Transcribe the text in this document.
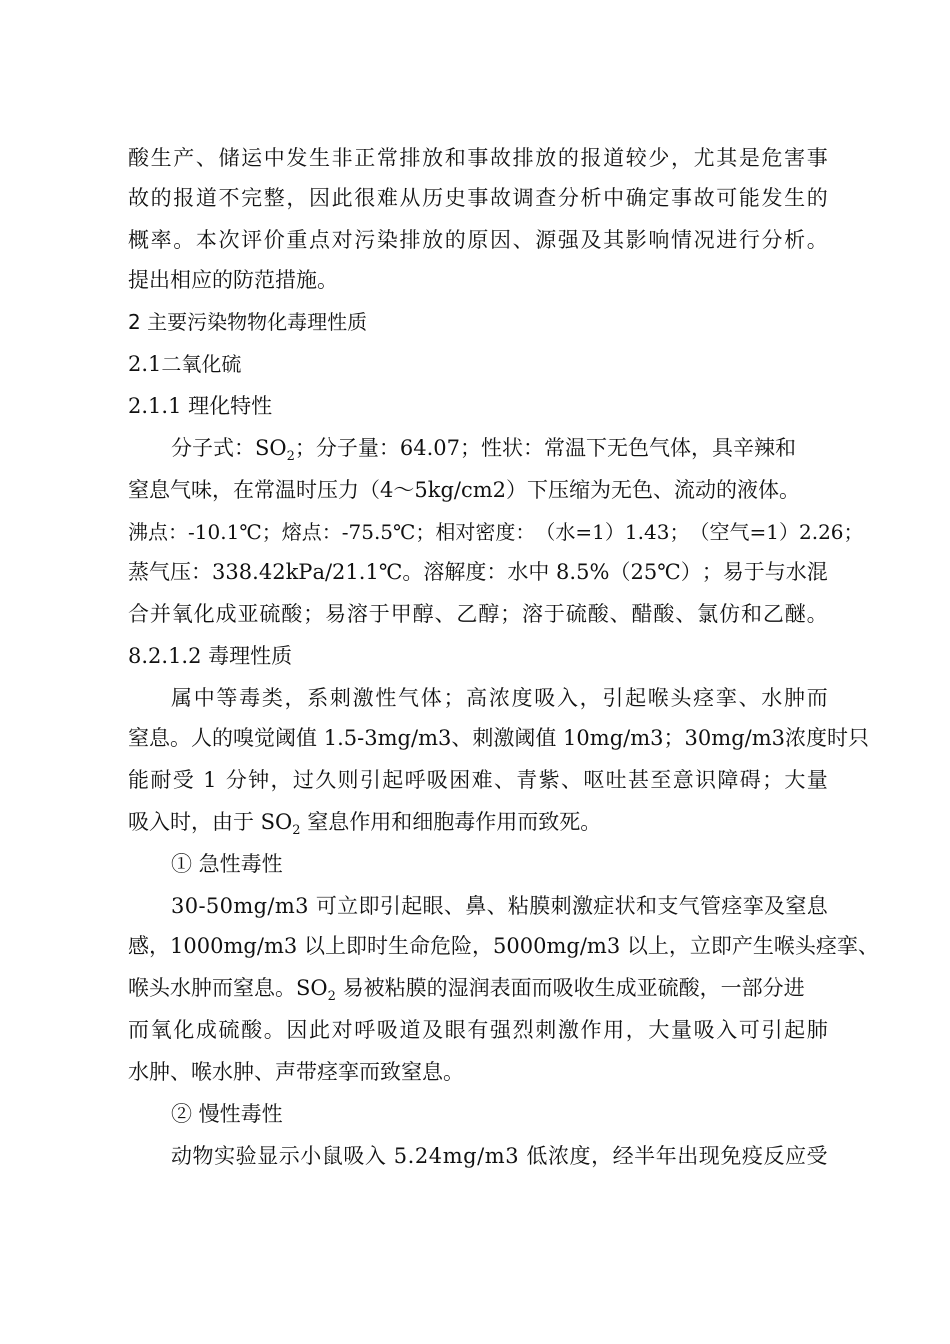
酸 生 产 、 储 运 中 发 生 非 正 常 排 放 和 事 故 排 放 的 报 道 较 少 ， 尤 其 是 危 害 事
故 的 报 道 不 完 整 ， 因 此 很 难 从 历 史 事 故 调 查 分 析 中 确 定 事 故 可 能 发 生 的
概 率 。 本 次 评 价 重 点 对 污 染 排 放 的 原 因 、 源 强 及 其 影 响 情 况 进 行 分 析 。
提出相应的防范措施。
2 主要污染物物化毒理性质
2.1二氧化硫
2.1.1 理化特性
分子式：$SO_2$；分子量：64.07；性状：常温下无色气体，具辛辣和
窒息气味，在常温时压力（4～5kg/cm2）下压缩为无色、流动的液体。
沸 点 ： - 1 0 . 1 ℃ ； 熔 点 ： - 7 5 . 5 ℃ ； 相 对 密 度 ： （ 水 = 1 ） 1 . 4 3 ； （ 空 气 = 1 ） 2 . 2 6 ；
蒸 气 压 ： 3 3 8 . 4 2 k P a / 2 1 . 1 ℃ 。 溶 解 度 ： 水 中
8 . 5 % （ 2 5 ℃ ） ； 易 于 与 水 混
合 并 氧 化 成 亚 硫 酸 ； 易 溶 于 甲 醇 、 乙 醇 ； 溶 于 硫 酸 、 醋 酸 、 氯 仿 和 乙 醚 。
8.2.1.2 毒理性质
属 中 等 毒 类 ， 系 刺 激 性 气 体 ； 高 浓 度 吸 入 ， 引 起 喉 头 痉 挛 、 水 肿 而
窒 息 。 人 的 嗅 觉 阈 值
1 . 5 - 3 m g / m 3 、 刺 激 阈 值
1 0 m g / m 3 ； 3 0 m g / m 3 浓 度 时 只
能 耐 受
1
分 钟 ， 过 久 则 引 起 呼 吸 困 难 、 青 紫 、 呕 吐 甚 至 意 识 障 碍 ； 大 量
吸入时，由于 $SO_2$ 窒息作用和细胞毒作用而致死。
① 急性毒性
3 0 - 5 0 m g / m 3
可 立 即 引 起 眼 、 鼻 、 粘 膜 刺 激 症 状 和 支 气 管 痉 挛 及 窒 息
感 ， 1 0 0 0 m g / m 3
以 上 即 时 生 命 危 险 ， 5 0 0 0 m g / m 3
以 上 ， 立 即 产 生 喉 头 痉 挛 、
喉头水肿而窒息。$SO_2$ 易被粘膜的湿润表面而吸收生成亚硫酸，一部分进
而 氧 化 成 硫 酸 。 因 此 对 呼 吸 道 及 眼 有 强 烈 刺 激 作 用 ， 大 量 吸 入 可 引 起 肺
水肿、喉水肿、声带痉挛而致窒息。
② 慢性毒性
动 物 实 验 显 示 小 鼠 吸 入
5 . 2 4 m g / m 3
低 浓 度 ， 经 半 年 出 现 免 疫 反 应 受
